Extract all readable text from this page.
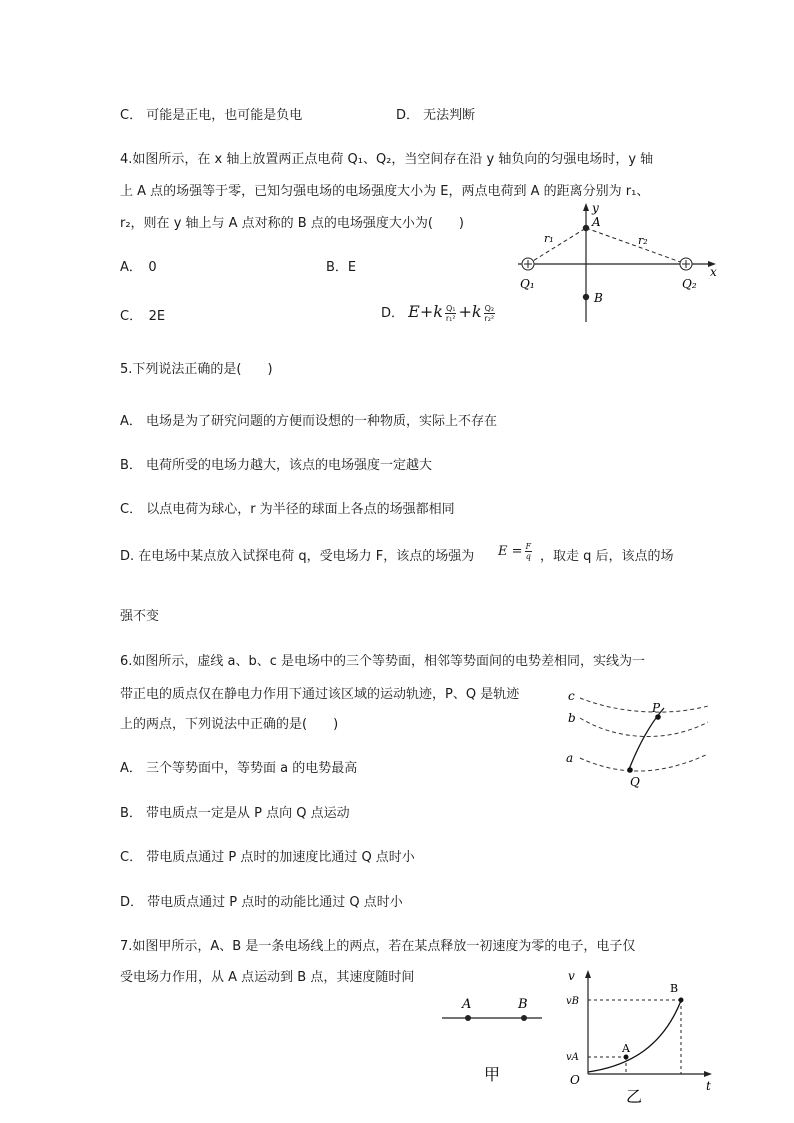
C． 可能是正电，也可能是负电	D． 无法判断
4.如图所示，在 x 轴上放置两正点电荷 Q₁、Q₂，当空间存在沿 y 轴负向的匀强电场时，y 轴
上 A 点的场强等于零，已知匀强电场的电场强度大小为 E，两点电荷到 A 的距离分别为 r₁、
r₂，则在 y 轴上与 A 点对称的 B 点的电场强度大小为(　　)
A．　0	B．E
C．　2E	D． $E+k \frac{\text{Q₁}}{\text{r₁²}} +k \frac{\text{Q₂}}{\text{r₂²}}$
y
x
A
B
r₁	r₂
Q₁	Q₂
5.下列说法正确的是(　　)
A． 电场是为了研究问题的方便而设想的一种物质，实际上不存在
B． 电荷所受的电场力越大，该点的电场强度一定越大
C． 以点电荷为球心，r 为半径的球面上各点的场强都相同
D. 在电场中某点放入试探电荷 q，受电场力 F，该点的场强为 $E = \frac{F}{q}$ ，取走 q 后，该点的场
强不变
6.如图所示，虚线 a、b、c 是电场中的三个等势面，相邻等势面间的电势差相同，实线为一
带正电的质点仅在静电力作用下通过该区域的运动轨迹，P、Q 是轨迹
上的两点，下列说法中正确的是(　　)
A． 三个等势面中，等势面 a 的电势最高
B． 带电质点一定是从 P 点向 Q 点运动
C． 带电质点通过 P 点时的加速度比通过 Q 点时小
D． 带电质点通过 P 点时的动能比通过 Q 点时小
c
b
a
P
Q
7.如图甲所示，A、B 是一条电场线上的两点，若在某点释放一初速度为零的电子，电子仅
受电场力作用，从 A 点运动到 B 点，其速度随时间
A	B
甲
v
t
O
vB
vA
A
B
乙
